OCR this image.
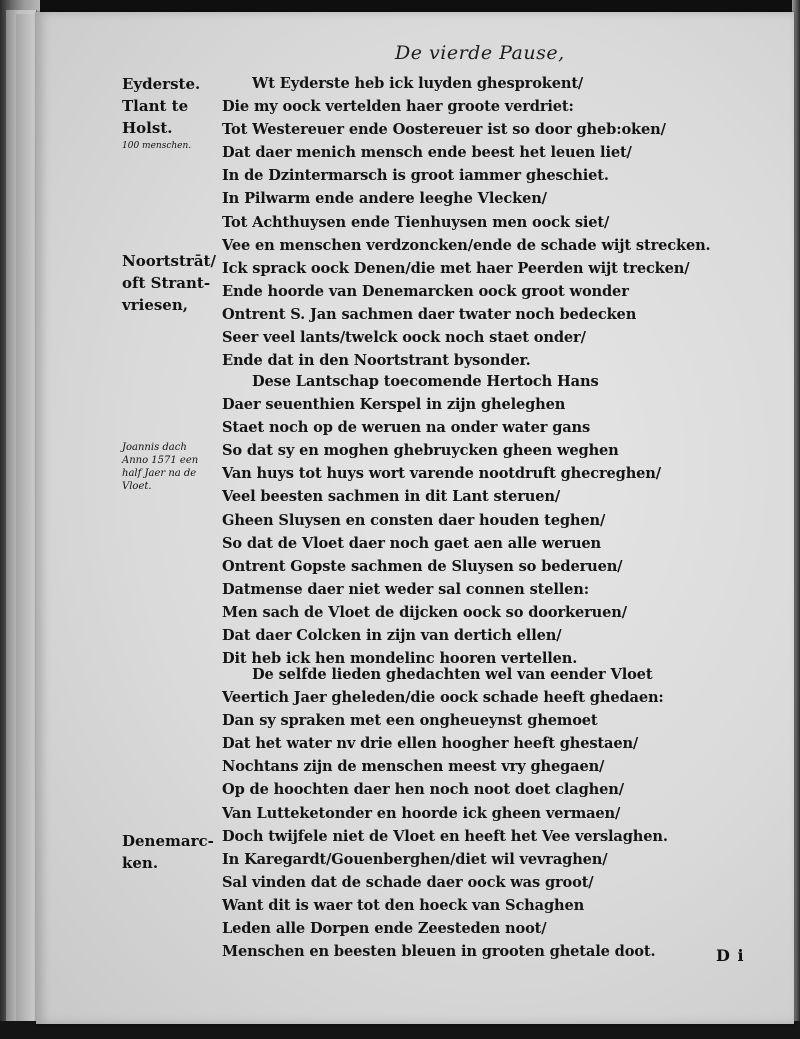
De vierde Pause,
Eyderste.
Tlant te
Holst.
100 menschen.
Noortstrāt/
oft Strant-
vriesen,
Joannis dach
Anno 1571 een
half Jaer na de
Vloet.
Denemarc-
ken.
Wt Eyderste heb ick luyden ghesprokent/
Die my oock vertelden haer groote verdriet:
Tot Westereuer ende Oostereuer ist so door gheb:oken/
Dat daer menich mensch ende beest het leuen liet/
In de Dzintermarsch is groot iammer gheschiet.
In Pilwarm ende andere leeghe Vlecken/
Tot Achthuysen ende Tienhuysen men oock siet/
Vee en menschen verdzoncken/ende de schade wijt strecken.
Ick sprack oock Denen/die met haer Peerden wijt trecken/
Ende hoorde van Denemarcken oock groot wonder
Ontrent S. Jan sachmen daer twater noch bedecken
Seer veel lants/twelck oock noch staet onder/
Ende dat in den Noortstrant bysonder.
Dese Lantschap toecomende Hertoch Hans
Daer seuenthien Kerspel in zijn gheleghen
Staet noch op de weruen na onder water gans
So dat sy en moghen ghebruycken gheen weghen
Van huys tot huys wort varende nootdruft ghecreghen/
Veel beesten sachmen in dit Lant steruen/
Gheen Sluysen en consten daer houden teghen/
So dat de Vloet daer noch gaet aen alle weruen
Ontrent Gopste sachmen de Sluysen so bederuen/
Datmense daer niet weder sal connen stellen:
Men sach de Vloet de dijcken oock so doorkeruen/
Dat daer Colcken in zijn van dertich ellen/
Dit heb ick hen mondelinc hooren vertellen.
De selfde lieden ghedachten wel van eender Vloet
Veertich Jaer gheleden/die oock schade heeft ghedaen:
Dan sy spraken met een ongheueynst ghemoet
Dat het water nv drie ellen hoogher heeft ghestaen/
Nochtans zijn de menschen meest vry ghegaen/
Op de hoochten daer hen noch noot doet claghen/
Van Lutteketonder en hoorde ick gheen vermaen/
Doch twijfele niet de Vloet en heeft het Vee verslaghen.
In Karegardt/Gouenberghen/diet wil vevraghen/
Sal vinden dat de schade daer oock was groot/
Want dit is waer tot den hoeck van Schaghen
Leden alle Dorpen ende Zeesteden noot/
Menschen en beesten bleuen in grooten ghetale doot.	D i
